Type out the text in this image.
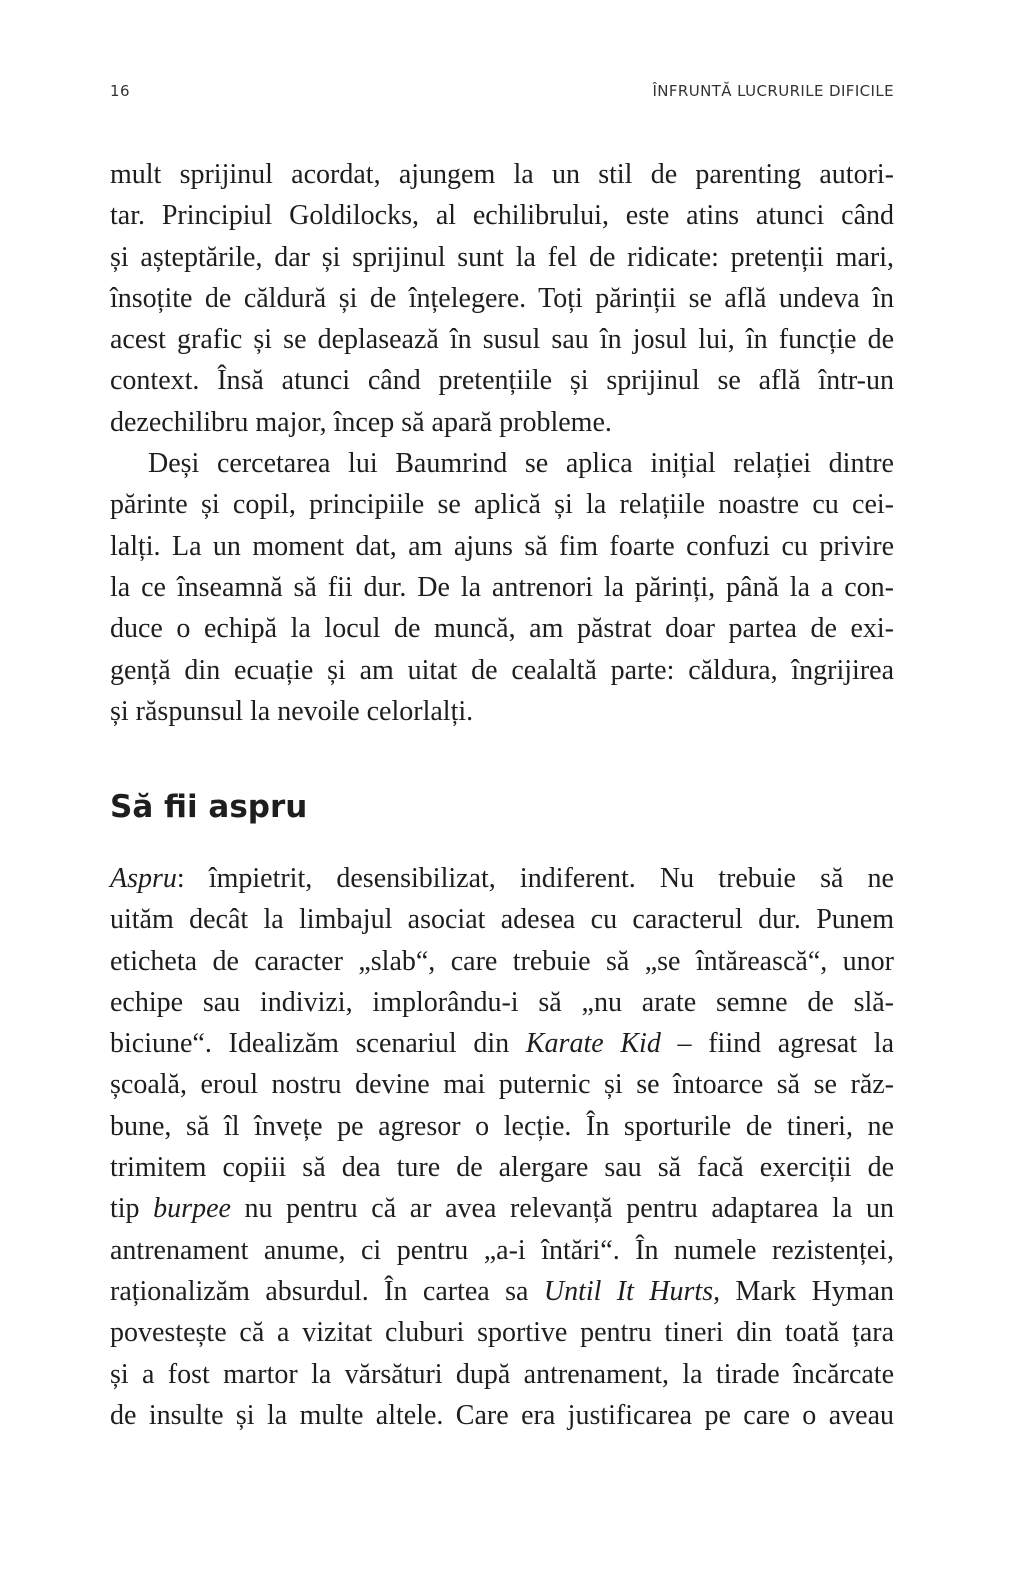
16	ÎNFRUNTĂ LUCRURILE DIFICILE

mult sprijinul acordat, ajungem la un stil de parenting autori-

tar. Principiul Goldilocks, al echilibrului, este atins atunci când

și așteptările, dar și sprijinul sunt la fel de ridicate: pretenții mari,

însoțite de căldură și de înțelegere. Toți părinții se află undeva în

acest grafic și se deplasează în susul sau în josul lui, în funcție de

context. Însă atunci când pretențiile și sprijinul se află într-un

dezechilibru major, încep să apară probleme.

Deși cercetarea lui Baumrind se aplica inițial relației dintre

părinte și copil, principiile se aplică și la relațiile noastre cu cei-

lalți. La un moment dat, am ajuns să fim foarte confuzi cu privire

la ce înseamnă să fii dur. De la antrenori la părinți, până la a con-

duce o echipă la locul de muncă, am păstrat doar partea de exi-

gență din ecuație și am uitat de cealaltă parte: căldura, îngrijirea

și răspunsul la nevoile celorlalți.

Să fii aspru

Aspru: împietrit, desensibilizat, indiferent. Nu trebuie să ne

uităm decât la limbajul asociat adesea cu caracterul dur. Punem

eticheta de caracter „slab“, care trebuie să „se întărească“, unor

echipe sau indivizi, implorându-i să „nu arate semne de slă-

biciune“. Idealizăm scenariul din Karate Kid – fiind agresat la

școală, eroul nostru devine mai puternic și se întoarce să se răz-

bune, să îl învețe pe agresor o lecție. În sporturile de tineri, ne

trimitem copiii să dea ture de alergare sau să facă exerciții de

tip burpee nu pentru că ar avea relevanță pentru adaptarea la un

antrenament anume, ci pentru „a-i întări“. În numele rezistenței,

raționalizăm absurdul. În cartea sa Until It Hurts, Mark Hyman

povestește că a vizitat cluburi sportive pentru tineri din toată țara

și a fost martor la vărsături după antrenament, la tirade încărcate

de insulte și la multe altele. Care era justificarea pe care o aveau
